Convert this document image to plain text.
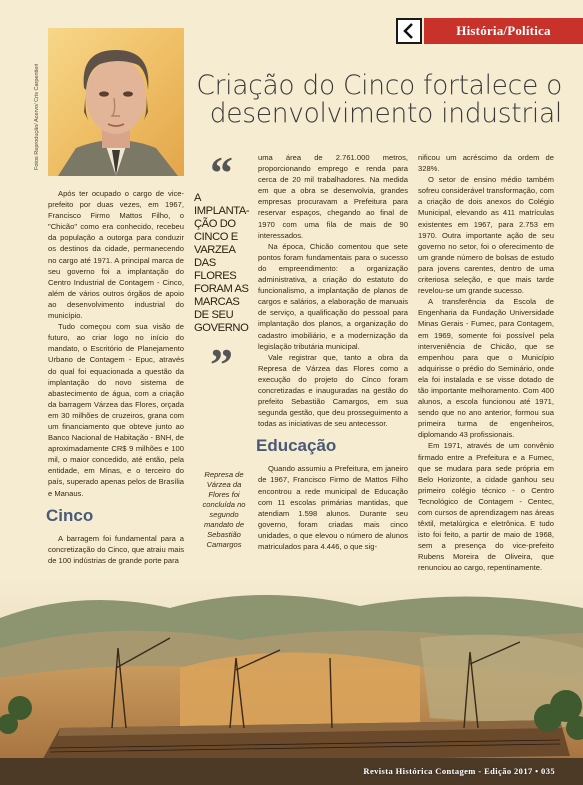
História/Política
Fotos Reprodução/ Acervo/ Cris Carpentieri	Criação do Cinco fortalece o desenvolvimento industrial

Após ter ocupado o cargo de vice-prefeito por duas vezes, em 1967, Francisco Firmo Mattos Filho, o "Chicão" como era conhecido, recebeu da população a outorga para conduzir os destinos da cidade, permanecendo no cargo até 1971. A principal marca de seu governo foi a implantação do Centro Industrial de Contagem - Cinco, além de vários outros órgãos de apoio ao desenvolvimento industrial do município.

Tudo começou com sua visão de futuro, ao criar logo no início do mandato, o Escritório de Planejamento Urbano de Contagem - Epuc, através do qual foi equacionada a questão da implantação do novo sistema de abastecimento de água, com a criação da barragem Várzea das Flores, orçada em 30 milhões de cruzeiros, grana com um financiamento que obteve junto ao Banco Nacional de Habitação - BNH, de aproximadamente CR$ 9 milhões e 100 mil, o maior concedido, até então, pela entidade, em Minas, e o terceiro do país, superado apenas pelos de Brasília e Manaus.

Cinco

A barragem foi fundamental para a concretização do Cinco, que atraiu mais de 100 indústrias de grande porte para

“
A IMPLANTA-ÇÃO DO CINCO E VARZEA DAS FLORES FORAM AS MARCAS DE SEU GOVERNO
”
Represa de Várzea da Flores foi concluída no segundo mandato de Sebastião Camargos

uma área de 2.761.000 metros, proporcionando emprego e renda para cerca de 20 mil trabalhadores. Na medida em que a obra se desenvolvia, grandes empresas procuravam a Prefeitura para reservar espaços, chegando ao final de 1970 com uma fila de mais de 90 interessados.

Na época, Chicão comentou que sete pontos foram fundamentais para o sucesso do empreendimento: a organização administrativa, a criação do estatuto do funcionalismo, a implantação de planos de cargos e salários, a elaboração de manuais de serviço, a qualificação do pessoal para implantação dos planos, a organização do cadastro imobiliário, e a modernização da legislação tributária municipal.

Vale registrar que, tanto a obra da Represa de Várzea das Flores como a execução do projeto do Cinco foram concretizadas e inauguradas na gestão do prefeito Sebastião Camargos, em sua segunda gestão, que deu prosseguimento a todas as iniciativas de seu antecessor.

Educação

Quando assumiu a Prefeitura, em janeiro de 1967, Francisco Firmo de Mattos Filho encontrou a rede municipal de Educação com 11 escolas primárias mantidas, que atendiam 1.598 alunos. Durante seu governo, foram criadas mais cinco unidades, o que elevou o número de alunos matriculados para 4.446, o que sig-

nificou um acréscimo da ordem de 328%.

O setor de ensino médio também sofreu considerável transformação, com a criação de dois anexos do Colégio Municipal, elevando as 411 matrículas existentes em 1967, para 2.753 em 1970. Outra importante ação de seu governo no setor, foi o oferecimento de um grande número de bolsas de estudo para jovens carentes, dentro de uma criteriosa seleção, e que mais tarde revelou-se um grande sucesso.

A transferência da Escola de Engenharia da Fundação Universidade Minas Gerais - Fumec, para Contagem, em 1969, somente foi possível pela interveniência de Chicão, que se empenhou para que o Município adquirisse o prédio do Seminário, onde ela foi instalada e se visse dotado de tão importante melhoramento. Com 400 alunos, a escola funcionou até 1971, sendo que no ano anterior, formou sua primeira turma de engenheiros, diplomando 43 profissionais.

Em 1971, através de um convênio firmado entre a Prefeitura e a Fumec, que se mudara para sede própria em Belo Horizonte, a cidade ganhou seu primeiro colégio técnico - o Centro Tecnológico de Contagem - Centec, com cursos de aprendizagem nas áreas têxtil, metalúrgica e eletrônica. E tudo isto foi feito, a partir de maio de 1968, sem a presença do vice-prefeito Rubens Moreira de Oliveira, que renunciou ao cargo, repentinamente.

Revista Histórica Contagem - Edição 2017 • 035
